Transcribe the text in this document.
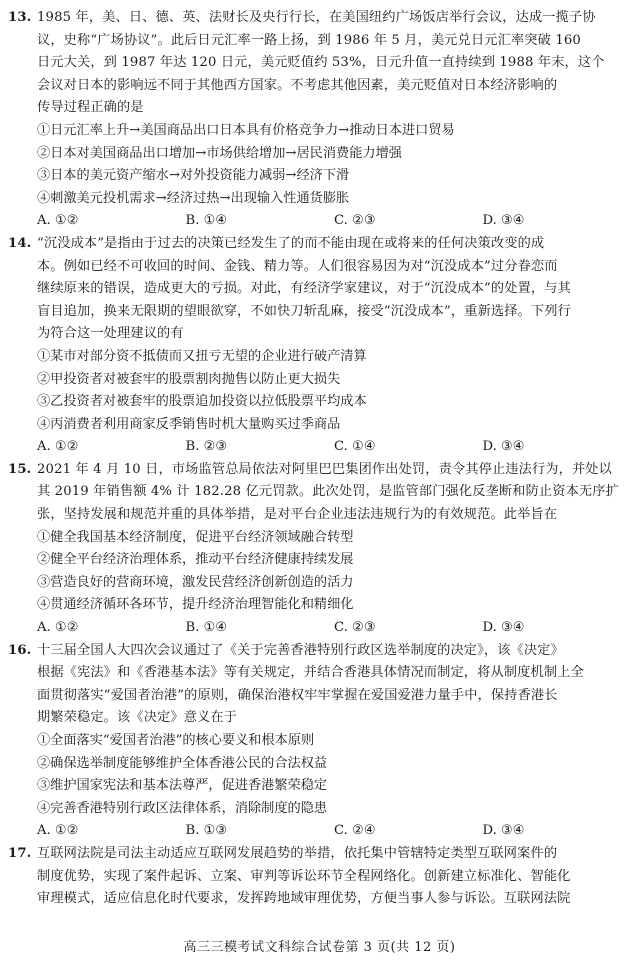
13. 1985 年，美、日、德、英、法财长及央行行长，在美国纽约广场饭店举行会议，达成一揽子协
议，史称“广场协议”。此后日元汇率一路上扬，到 1986 年 5 月，美元兑日元汇率突破 160
日元大关，到 1987 年达 120 日元，美元贬值约 53%，日元升值一直持续到 1988 年末，这个
会议对日本的影响远不同于其他西方国家。不考虑其他因素，美元贬值对日本经济影响的
传导过程正确的是
①日元汇率上升→美国商品出口日本具有价格竞争力→推动日本进口贸易
②日本对美国商品出口增加→市场供给增加→居民消费能力增强
③日本的美元资产缩水→对外投资能力减弱→经济下滑
④刺激美元投机需求→经济过热→出现输入性通货膨胀
A. ①②	B. ①④	C. ②③	D. ③④
14. “沉没成本”是指由于过去的决策已经发生了的而不能由现在或将来的任何决策改变的成
本。例如已经不可收回的时间、金钱、精力等。人们很容易因为对“沉没成本”过分眷恋而
继续原来的错误，造成更大的亏损。对此，有经济学家建议，对于“沉没成本”的处置，与其
盲目追加，换来无限期的望眼欲穿，不如快刀斩乱麻，接受“沉没成本”，重新选择。下列行
为符合这一处理建议的有
①某市对部分资不抵债而又扭亏无望的企业进行破产清算
②甲投资者对被套牢的股票割肉抛售以防止更大损失
③乙投资者对被套牢的股票追加投资以拉低股票平均成本
④丙消费者利用商家反季销售时机大量购买过季商品
A. ①②	B. ②③	C. ①④	D. ③④
15. 2021 年 4 月 10 日，市场监管总局依法对阿里巴巴集团作出处罚，责令其停止违法行为，并处以
其 2019 年销售额 4% 计 182.28 亿元罚款。此次处罚，是监管部门强化反垄断和防止资本无序扩
张，坚持发展和规范并重的具体举措，是对平台企业违法违规行为的有效规范。此举旨在
①健全我国基本经济制度，促进平台经济领域融合转型
②健全平台经济治理体系，推动平台经济健康持续发展
③营造良好的营商环境，激发民营经济创新创造的活力
④贯通经济循环各环节，提升经济治理智能化和精细化
A. ①②	B. ①④	C. ②③	D. ③④
16. 十三届全国人大四次会议通过了《关于完善香港特别行政区选举制度的决定》，该《决定》
根据《宪法》和《香港基本法》等有关规定，并结合香港具体情况而制定，将从制度机制上全
面贯彻落实“爱国者治港”的原则，确保治港权牢牢掌握在爱国爱港力量手中，保持香港长
期繁荣稳定。该《决定》意义在于
①全面落实“爱国者治港”的核心要义和根本原则
②确保选举制度能够维护全体香港公民的合法权益
③维护国家宪法和基本法尊严，促进香港繁荣稳定
④完善香港特别行政区法律体系，消除制度的隐患
A. ①②	B. ①③	C. ②④	D. ③④
17. 互联网法院是司法主动适应互联网发展趋势的举措，依托集中管辖特定类型互联网案件的
制度优势，实现了案件起诉、立案、审判等诉讼环节全程网络化。创新建立标准化、智能化
审理模式，适应信息化时代要求，发挥跨地域审理优势，方便当事人参与诉讼。互联网法院
高三三模考试文科综合试卷第 3 页(共 12 页)
